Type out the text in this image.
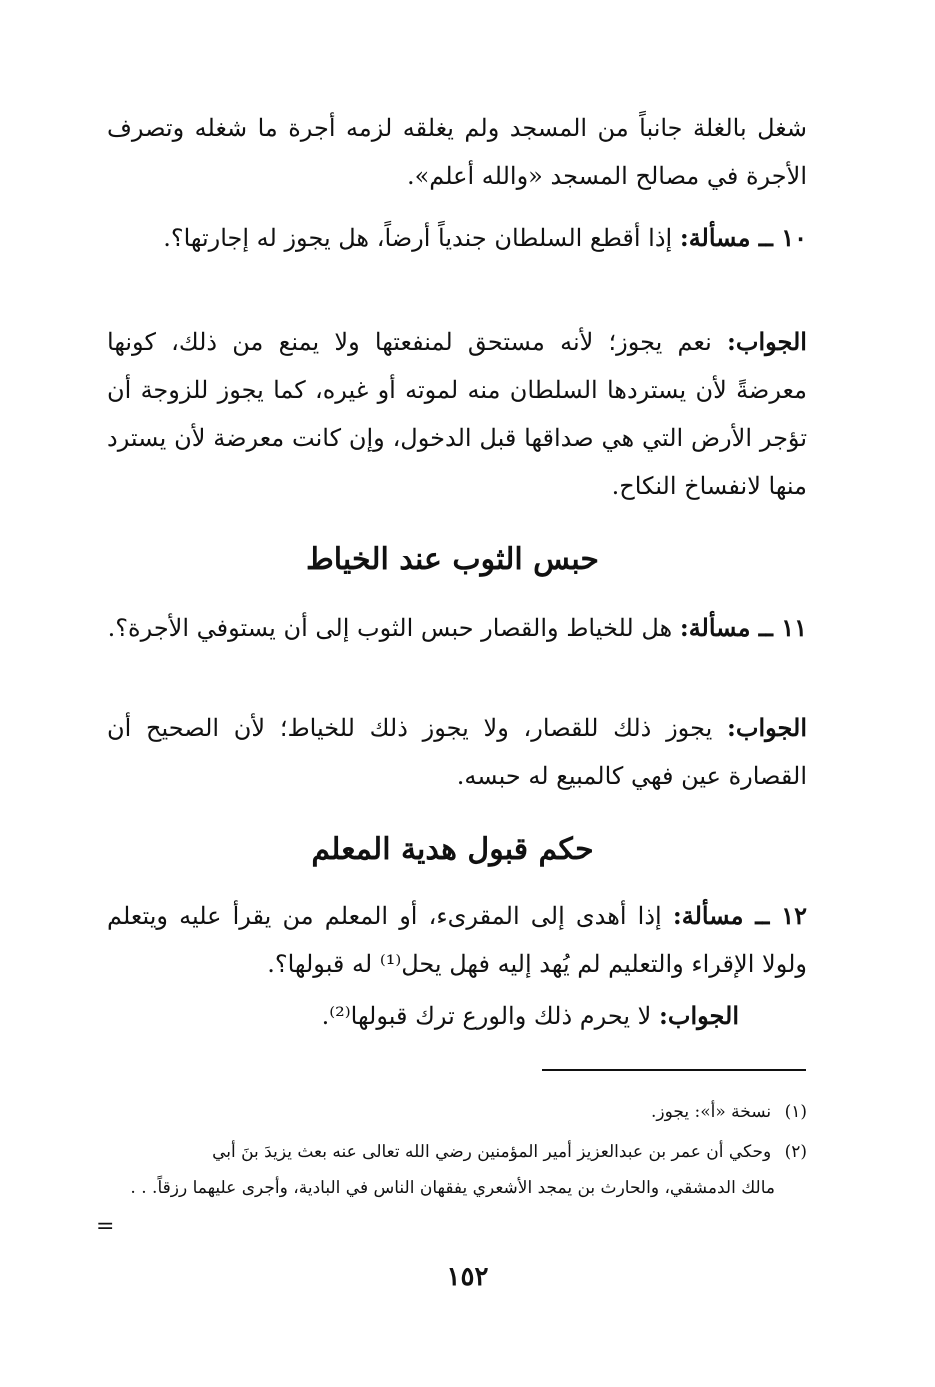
شغل بالغلة جانباً من المسجد ولم يغلقه لزمه أجرة ما شغله وتصرف الأجرة في مصالح المسجد «والله أعلم».
١٠ ــ مسألة: إذا أقطع السلطان جندياً أرضاً، هل يجوز له إجارتها؟.
الجواب: نعم يجوز؛ لأنه مستحق لمنفعتها ولا يمنع من ذلك، كونها معرضةً لأن يستردها السلطان منه لموته أو غيره، كما يجوز للزوجة أن تؤجر الأرض التي هي صداقها قبل الدخول، وإن كانت معرضة لأن يسترد منها لانفساخ النكاح.
حبس الثوب عند الخياط
١١ ــ مسألة: هل للخياط والقصار حبس الثوب إلى أن يستوفي الأجرة؟.
الجواب: يجوز ذلك للقصار، ولا يجوز ذلك للخياط؛ لأن الصحيح أن القصارة عين فهي كالمبيع له حبسه.
حكم قبول هدية المعلم
١٢ ــ مسألة: إذا أهدى إلى المقرىء، أو المعلم من يقرأ عليه ويتعلم ولولا الإقراء والتعليم لم يُهد إليه فهل يحل⁽¹⁾ له قبولها؟.
الجواب: لا يحرم ذلك والورع ترك قبولها⁽²⁾.
(١) نسخة «أ»: يجوز.
(٢) وحكي أن عمر بن عبدالعزيز أمير المؤمنين رضي الله تعالى عنه بعث يزيدَ بنَ أبي
مالك الدمشقي، والحارث بن يمجد الأشعري يفقهان الناس في البادية، وأجرى عليهما رزقاً. . .
=
١٥٢
